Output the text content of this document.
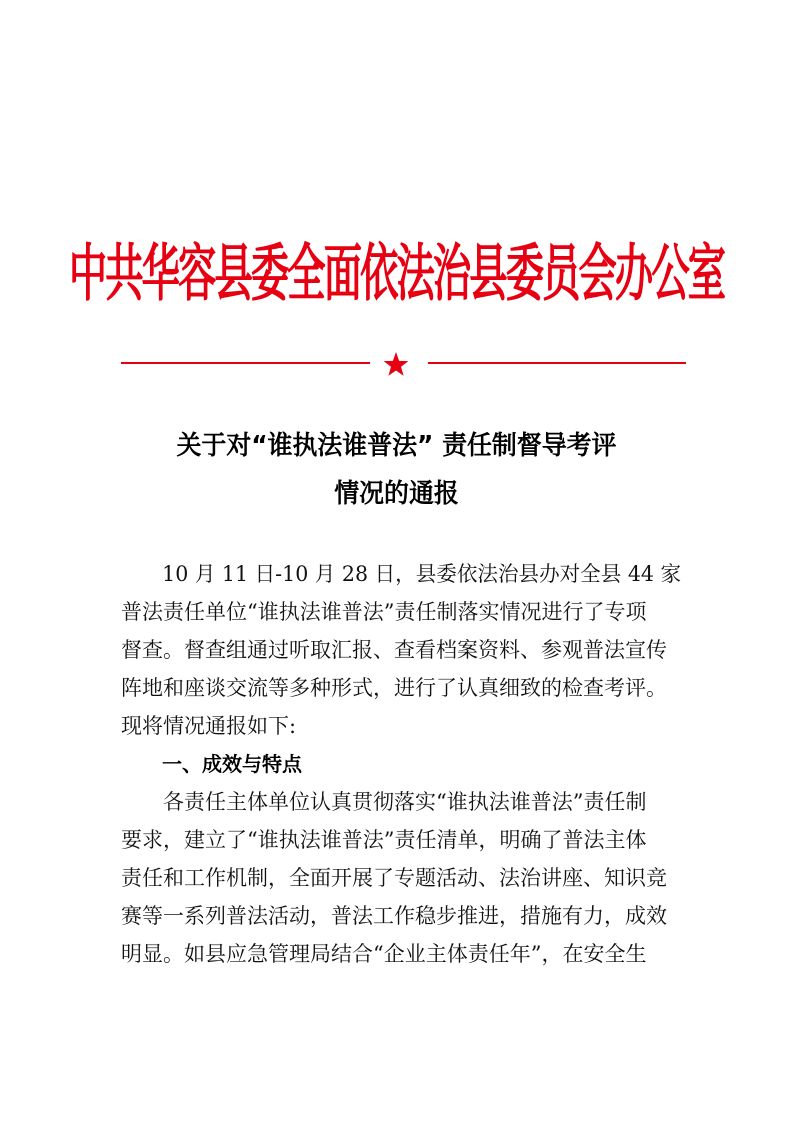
中共华容县委全面依法治县委员会办公室
关于对“谁执法谁普法” 责任制督导考评
情况的通报
　　10 月 11 日-10 月 28 日，县委依法治县办对全县 44 家
普法责任单位“谁执法谁普法”责任制落实情况进行了专项
督查。督查组通过听取汇报、查看档案资料、参观普法宣传
阵地和座谈交流等多种形式，进行了认真细致的检查考评。
现将情况通报如下:
一、成效与特点
　　各责任主体单位认真贯彻落实“谁执法谁普法”责任制
要求，建立了“谁执法谁普法”责任清单，明确了普法主体
责任和工作机制，全面开展了专题活动、法治讲座、知识竞
赛等一系列普法活动，普法工作稳步推进，措施有力，成效
明显。如县应急管理局结合“企业主体责任年”，在安全生
